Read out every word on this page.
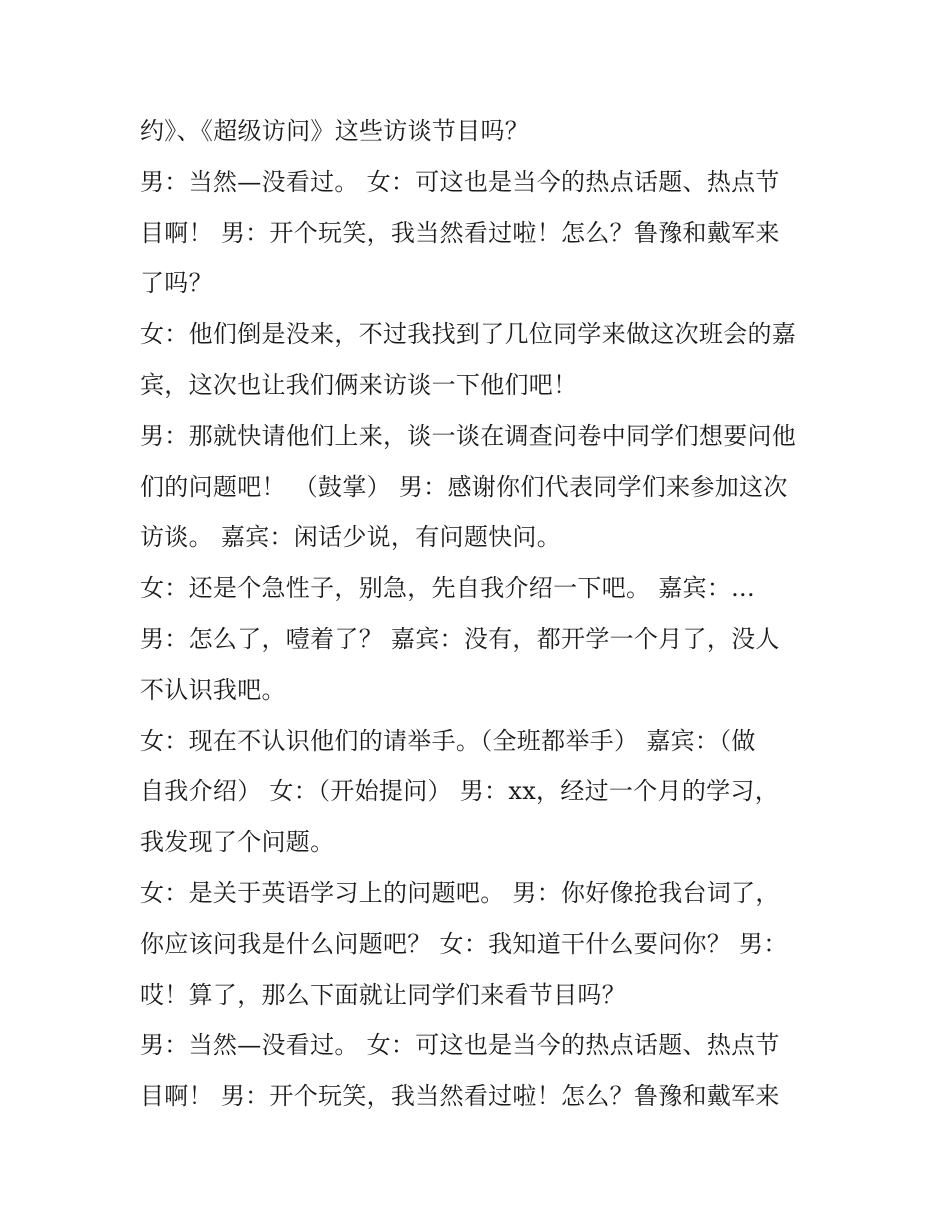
约》、《超级访问》这些访谈节目吗？
男：当然—没看过。 女：可这也是当今的热点话题、热点节
目啊！ 男：开个玩笑，我当然看过啦！怎么？鲁豫和戴军来
了吗？
女：他们倒是没来，不过我找到了几位同学来做这次班会的嘉
宾，这次也让我们俩来访谈一下他们吧！
男：那就快请他们上来，谈一谈在调查问卷中同学们想要问他
们的问题吧！ （鼓掌） 男：感谢你们代表同学们来参加这次
访谈。 嘉宾：闲话少说，有问题快问。
女：还是个急性子，别急，先自我介绍一下吧。 嘉宾：...
男：怎么了，噎着了？ 嘉宾：没有，都开学一个月了，没人
不认识我吧。
女：现在不认识他们的请举手。（全班都举手） 嘉宾：（做
自我介绍） 女：（开始提问） 男：xx，经过一个月的学习，
我发现了个问题。
女：是关于英语学习上的问题吧。 男：你好像抢我台词了，
你应该问我是什么问题吧？ 女：我知道干什么要问你？ 男：
哎！算了，那么下面就让同学们来看节目吗？
男：当然—没看过。 女：可这也是当今的热点话题、热点节
目啊！ 男：开个玩笑，我当然看过啦！怎么？鲁豫和戴军来
